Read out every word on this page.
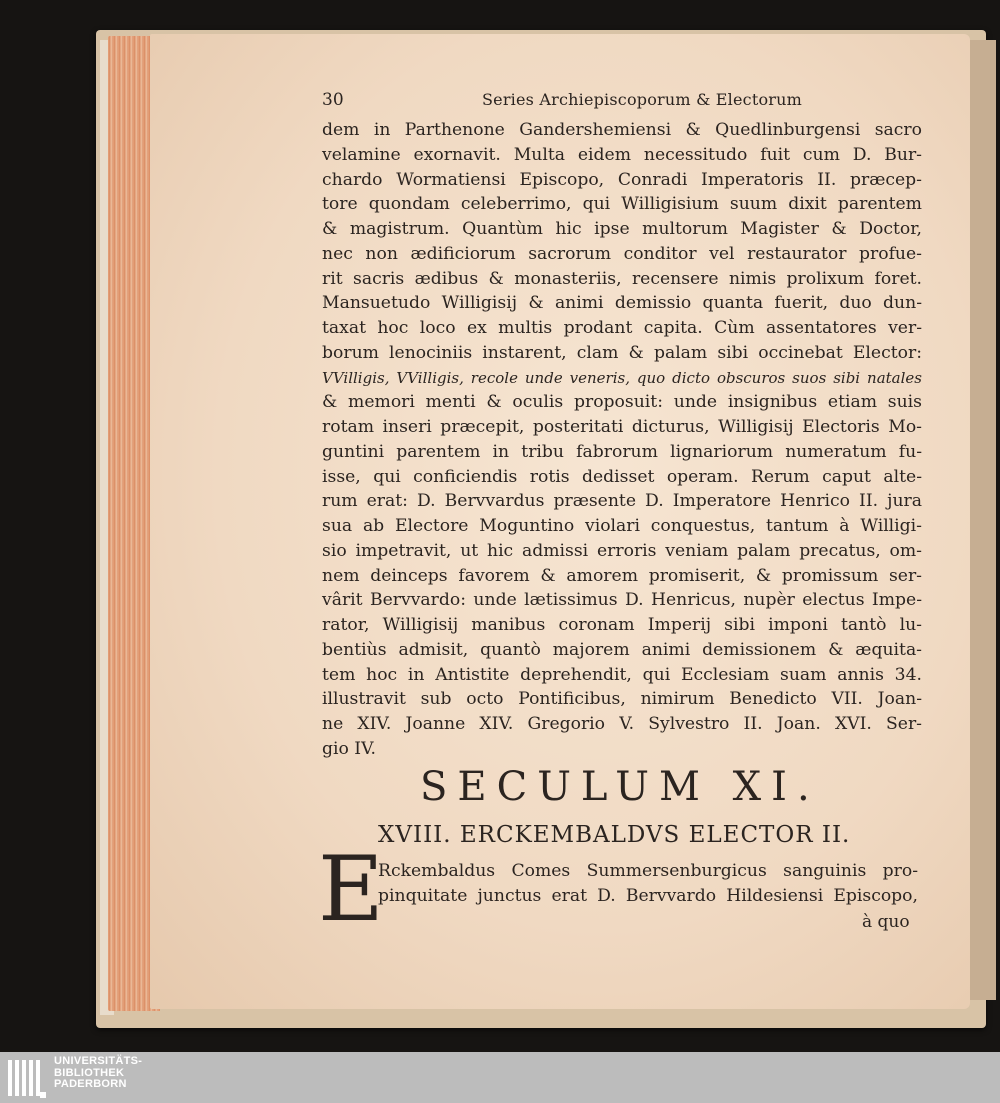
30	Series Archiepiscoporum & Electorum
dem in Parthenone Gandershemiensi & Quedlinburgensi sacro
velamine exornavit. Multa eidem necessitudo fuit cum D. Bur-
chardo Wormatiensi Episcopo, Conradi Imperatoris II. præcep-
tore quondam celeberrimo, qui Willigisium suum dixit parentem
& magistrum. Quantùm hic ipse multorum Magister & Doctor,
nec non ædificiorum sacrorum conditor vel restaurator profue-
rit sacris ædibus & monasteriis, recensere nimis prolixum foret.
Mansuetudo Willigisij & animi demissio quanta fuerit, duo dun-
taxat hoc loco ex multis prodant capita. Cùm assentatores ver-
borum lenociniis instarent, clam & palam sibi occinebat Elector:
VVilligis, VVilligis, recole unde veneris, quo dicto obscuros suos sibi natales
& memori menti & oculis proposuit: unde insignibus etiam suis
rotam inseri præcepit, posteritati dicturus, Willigisij Electoris Mo-
guntini parentem in tribu fabrorum lignariorum numeratum fu-
isse, qui conficiendis rotis dedisset operam. Rerum caput alte-
rum erat: D. Bervvardus præsente D. Imperatore Henrico II. jura
sua ab Electore Moguntino violari conquestus, tantum à Willigi-
sio impetravit, ut hic admissi erroris veniam palam precatus, om-
nem deinceps favorem & amorem promiserit, & promissum ser-
vârit Bervvardo: unde lætissimus D. Henricus, nupèr electus Impe-
rator, Willigisij manibus coronam Imperij sibi imponi tantò lu-
bentiùs admisit, quantò majorem animi demissionem & æquita-
tem hoc in Antistite deprehendit, qui Ecclesiam suam annis 34.
illustravit sub octo Pontificibus, nimirum Benedicto VII. Joan-
ne XIV. Joanne XIV. Gregorio V. Sylvestro II. Joan. XVI. Ser-
gio IV.
SECULUM XI.
XVIII. ERCKEMBALDVS ELECTOR II.
E
Rckembaldus Comes Summersenburgicus sanguinis pro-
pinquitate junctus erat D. Bervvardo Hildesiensi Episcopo,
à quo
UNIVERSITÄTS-
BIBLIOTHEK
PADERBORN
